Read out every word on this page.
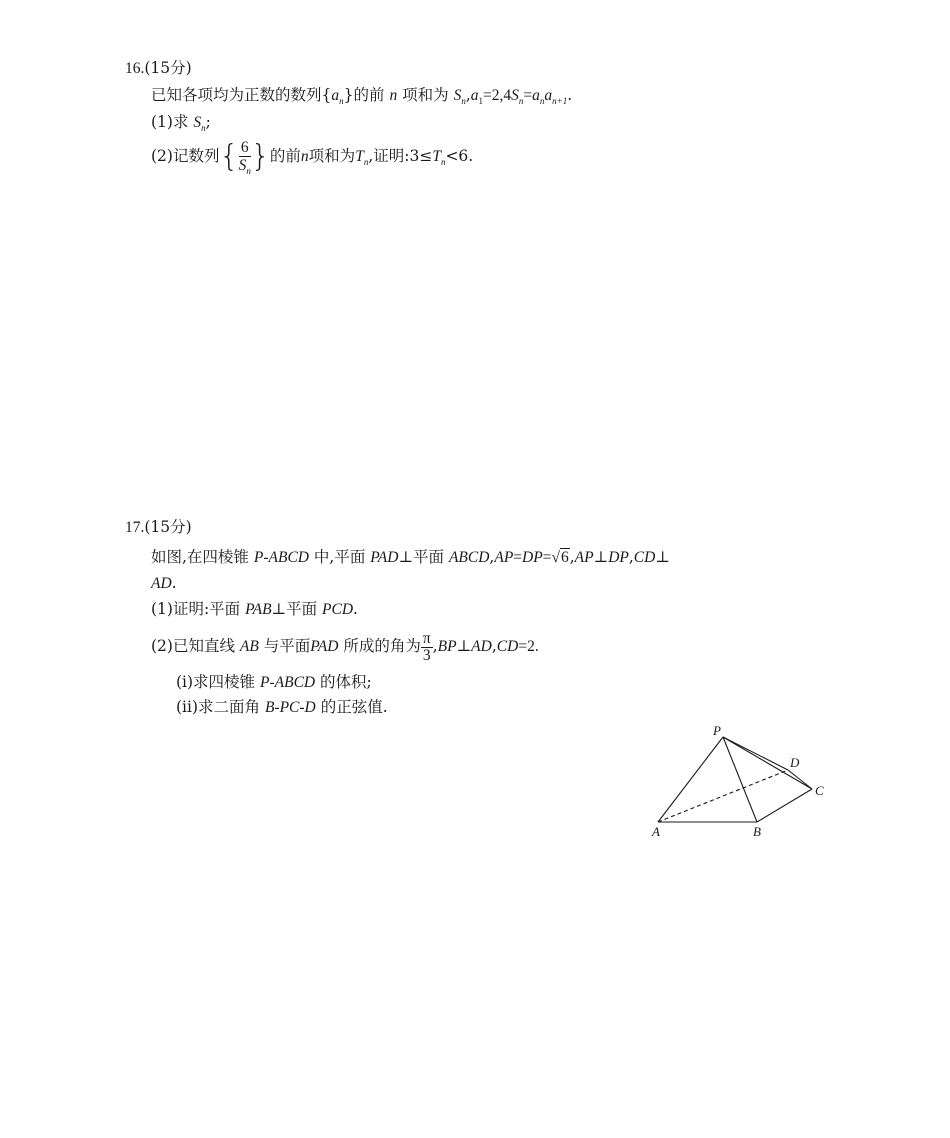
16.(15分)
已知各项均为正数的数列$\{a_n\}$的前 n 项和为 $S_n,a_1=2,4S_n=a_na_{n+1}$.
(1)求 $S_n$;
(2)记数列{ $\frac{6}{S_n}$ }的前n项和为$T_n$,证明$:3\le T_n<6$.
17.(15分)
如图,在四棱锥 P-ABCD 中,平面 PAD⊥平面 ABCD,AP=DP=√6,AP⊥DP,CD⊥
AD.
(1)证明:平面 PAB⊥平面 PCD.
(2)已知直线 AB 与平面PAD 所成的角为 $\frac{\pi}{3}$ ,BP⊥AD,CD=2.
(ⅰ)求四棱锥 P-ABCD 的体积;
(ⅱ)求二面角 B-PC-D 的正弦值.
P
D
C
A	B
